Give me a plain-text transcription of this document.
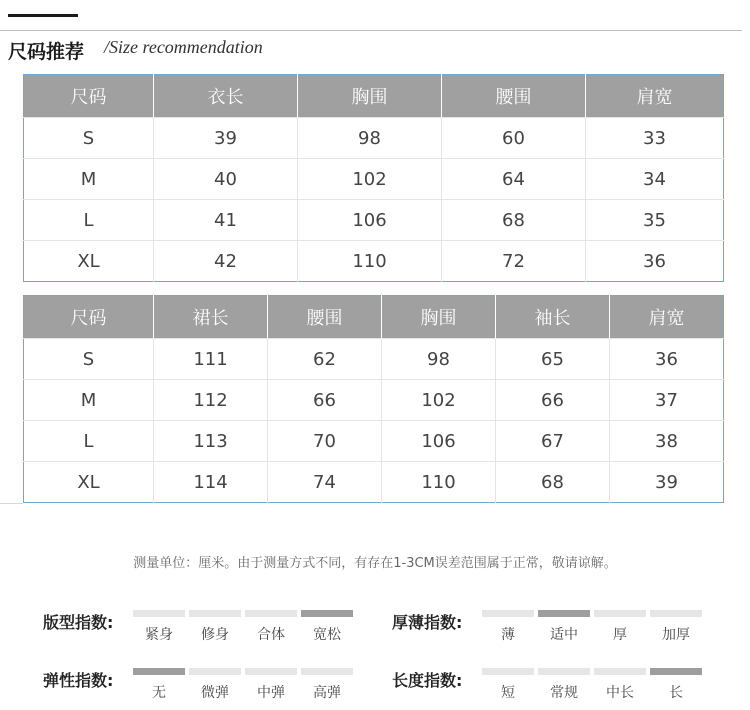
尺码推荐 /Size recommendation
尺码	衣长	胸围	腰围	肩宽
S	39	98	60	33
M	40	102	64	34
L	41	106	68	35
XL	42	110	72	36
尺码	裙长	腰围	胸围	袖长	肩宽
S	111	62	98	65	36
M	112	66	102	66	37
L	113	70	106	67	38
XL	114	74	110	68	39
测量单位：厘米。由于测量方式不同，有存在1-3CM误差范围属于正常，敬请谅解。
版型指数:
紧身 修身 合体 宽松
厚薄指数:
薄	适中	厚	加厚
弹性指数:
无	微弹 中弹 高弹
长度指数:
短	常规 中长	长
